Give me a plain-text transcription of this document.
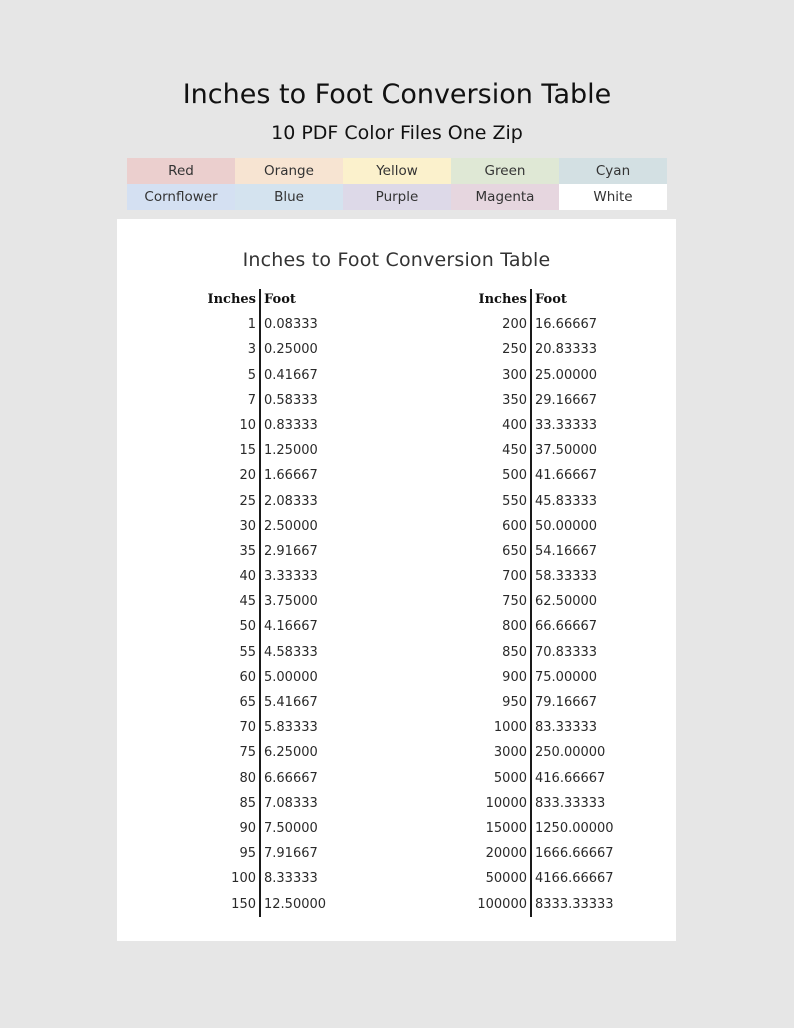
Inches to Foot Conversion Table
10 PDF Color Files One Zip
Red	Orange	Yellow	Green	Cyan
Cornflower	Blue	Purple	Magenta	White
Inches to Foot Conversion Table
Inches Foot
1 0.08333
3 0.25000
5 0.41667
7 0.58333
10 0.83333
15 1.25000
20 1.66667
25 2.08333
30 2.50000
35 2.91667
40 3.33333
45 3.75000
50 4.16667
55 4.58333
60 5.00000
65 5.41667
70 5.83333
75 6.25000
80 6.66667
85 7.08333
90 7.50000
95 7.91667
100 8.33333
150 12.50000
Inches Foot
200 16.66667
250 20.83333
300 25.00000
350 29.16667
400 33.33333
450 37.50000
500 41.66667
550 45.83333
600 50.00000
650 54.16667
700 58.33333
750 62.50000
800 66.66667
850 70.83333
900 75.00000
950 79.16667
1000 83.33333
3000 250.00000
5000 416.66667
10000 833.33333
15000 1250.00000
20000 1666.66667
50000 4166.66667
100000 8333.33333
